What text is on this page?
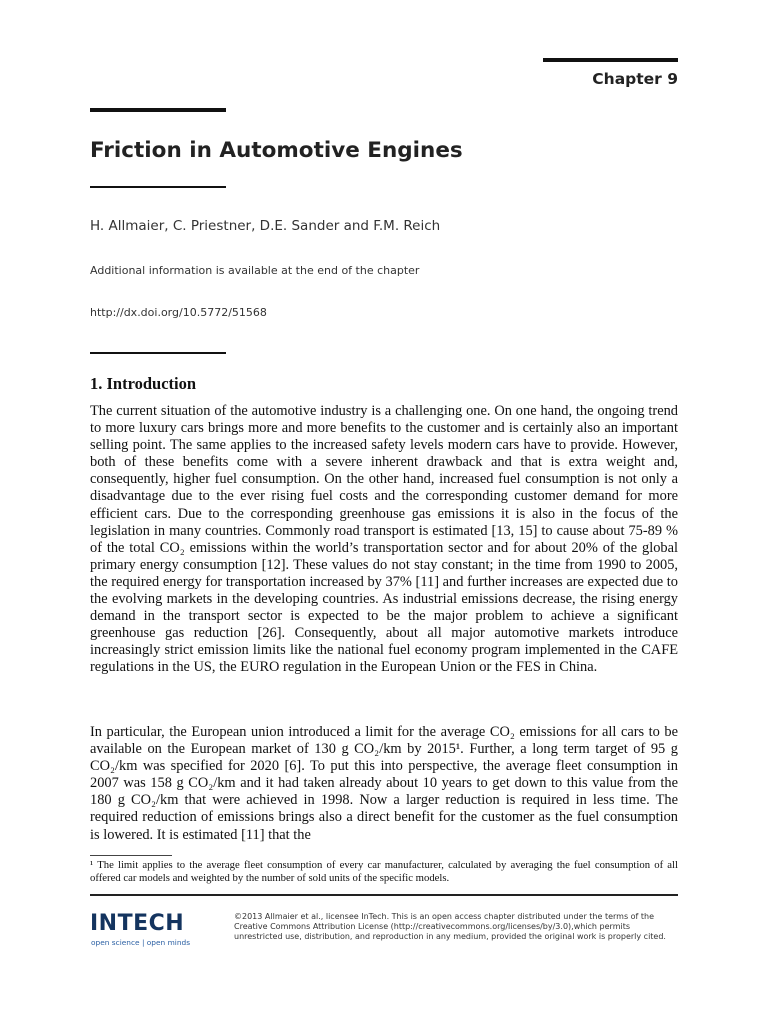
Chapter 9
Friction in Automotive Engines
H. Allmaier, C. Priestner, D.E. Sander and F.M. Reich
Additional information is available at the end of the chapter
http://dx.doi.org/10.5772/51568
1. Introduction

The current situation of the automotive industry is a challenging one. On one hand, the ongoing trend to more luxury cars brings more and more benefits to the customer and is certainly also an important selling point. The same applies to the increased safety levels modern cars have to provide. However, both of these benefits come with a severe inherent drawback and that is extra weight and, consequently, higher fuel consumption. On the other hand, increased fuel consumption is not only a disadvantage due to the ever rising fuel costs and the corresponding customer demand for more efficient cars. Due to the corresponding greenhouse gas emissions it is also in the focus of the legislation in many countries. Commonly road transport is estimated [13, 15] to cause about 75-89 % of the total CO₂ emissions within the world’s transportation sector and for about 20% of the global primary energy consumption [12]. These values do not stay constant; in the time from 1990 to 2005, the required energy for transportation increased by 37% [11] and further increases are expected due to the evolving markets in the developing countries. As industrial emissions decrease, the rising energy demand in the transport sector is expected to be the major problem to achieve a significant greenhouse gas reduction [26]. Consequently, about all major automotive markets introduce increasingly strict emission limits like the national fuel economy program implemented in the CAFE regulations in the US, the EURO regulation in the European Union or the FES in China.

In particular, the European union introduced a limit for the average CO₂ emissions for all cars to be available on the European market of 130 g CO₂/km by 2015¹. Further, a long term target of 95 g CO₂/km was specified for 2020 [6]. To put this into perspective, the average fleet consumption in 2007 was 158 g CO₂/km and it had taken already about 10 years to get down to this value from the 180 g CO₂/km that were achieved in 1998. Now a larger reduction is required in less time. The required reduction of emissions brings also a direct benefit for the customer as the fuel consumption is lowered. It is estimated [11] that the

¹ The limit applies to the average fleet consumption of every car manufacturer, calculated by averaging the fuel consumption of all offered car models and weighted by the number of sold units of the specific models.

INTECH
open science | open minds

©2013 Allmaier et al., licensee InTech. This is an open access chapter distributed under the terms of the Creative Commons Attribution License (http://creativecommons.org/licenses/by/3.0),which permits unrestricted use, distribution, and reproduction in any medium, provided the original work is properly cited.
